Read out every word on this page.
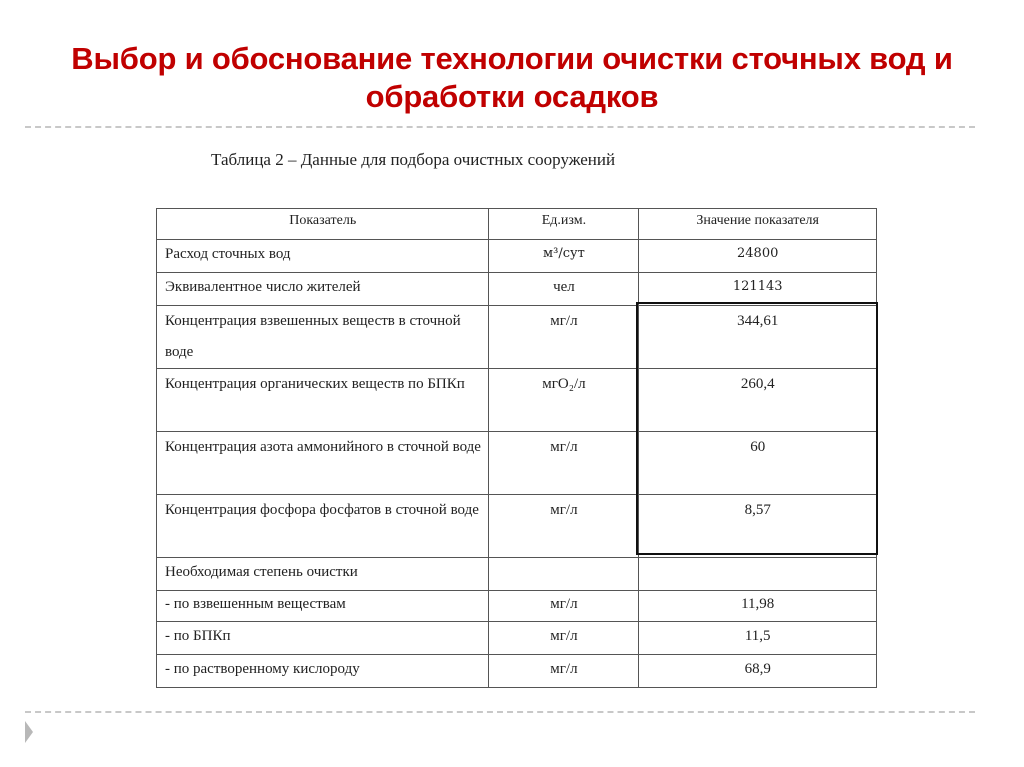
Выбор и обоснование технологии очистки сточных вод и обработки осадков
Таблица 2 – Данные для подбора очистных сооружений
Показатель	Ед.изм.	Значение показателя
Расход сточных вод	м³/сут	24800
Эквивалентное число жителей	чел	121143
Концентрация взвешенных веществ в сточной воде	мг/л	344,61
Концентрация органических веществ по БПКп	мгО₂/л	260,4
Концентрация азота аммонийного в сточной воде	мг/л	60
Концентрация фосфора фосфатов в сточной воде	мг/л	8,57
Необходимая степень очистки		
- по взвешенным веществам	мг/л	11,98
- по БПКп	мг/л	11,5
- по растворенному кислороду	мг/л	68,9
